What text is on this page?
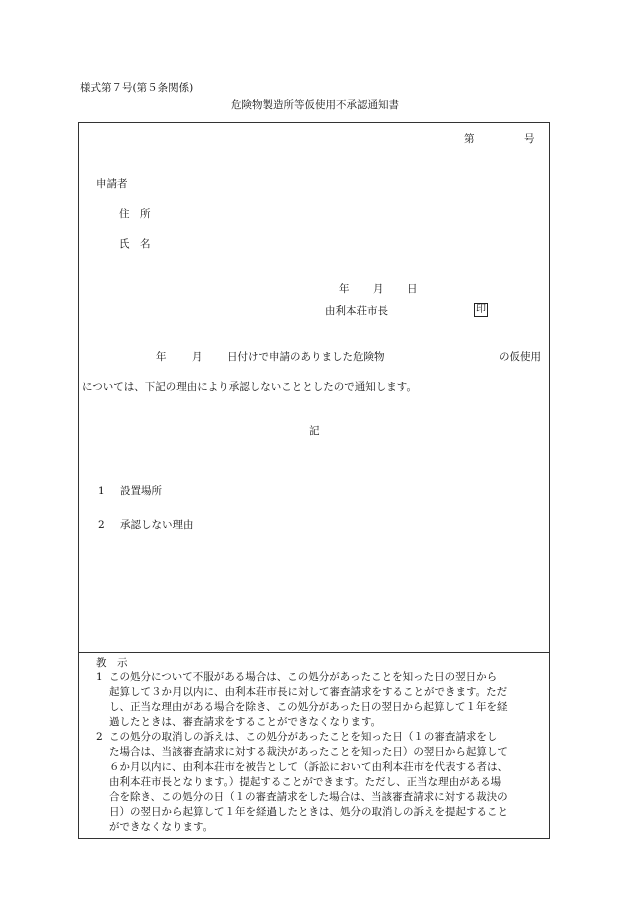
様式第７号(第５条関係)
危険物製造所等仮使用不承認通知書
第	号
申請者
住　所
氏　名
年 月 日
由利本荘市長	印
年 月 日付けで申請のありました危険物	の仮使用
については、下記の理由により承認しないこととしたので通知します。
記
1 設置場所
2 承認しない理由
教　示
1 この処分について不服がある場合は、この処分があったことを知った日の翌日から
起算して３か月以内に、由利本荘市長に対して審査請求をすることができます。ただ
し、正当な理由がある場合を除き、この処分があった日の翌日から起算して１年を経
過したときは、審査請求をすることができなくなります。
2 この処分の取消しの訴えは、この処分があったことを知った日（１の審査請求をし
た場合は、当該審査請求に対する裁決があったことを知った日）の翌日から起算して
６か月以内に、由利本荘市を被告として（訴訟において由利本荘市を代表する者は、
由利本荘市長となります。）提起することができます。ただし、正当な理由がある場
合を除き、この処分の日（１の審査請求をした場合は、当該審査請求に対する裁決の
日）の翌日から起算して１年を経過したときは、処分の取消しの訴えを提起すること
ができなくなります。
